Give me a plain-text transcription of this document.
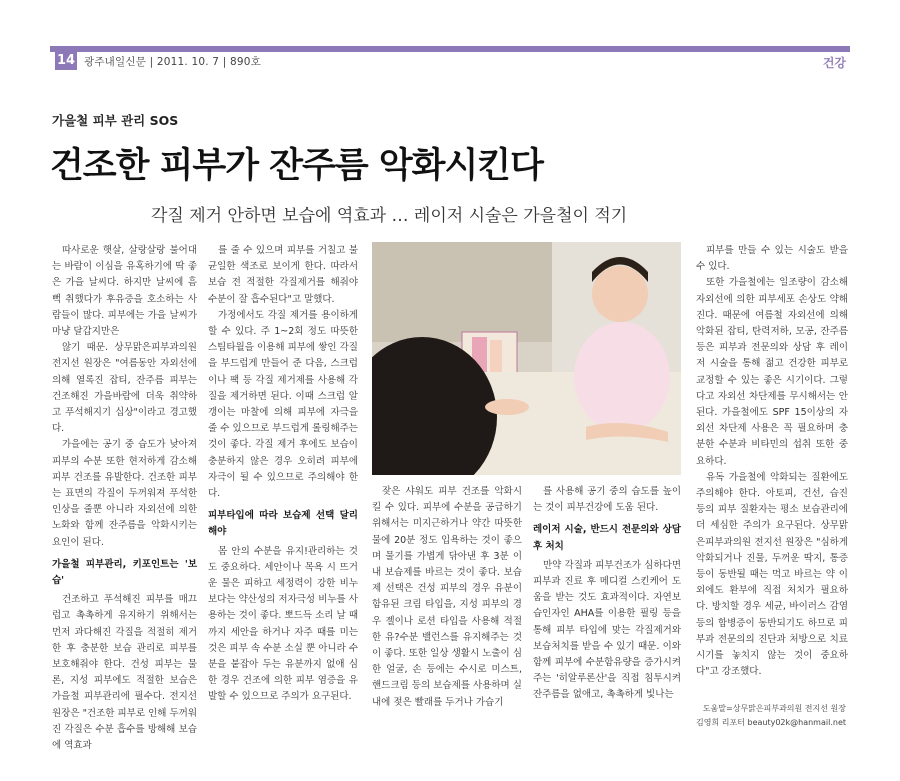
14 광주내일신문 | 2011. 10. 7 | 890호	건강
가을철 피부 관리 SOS
건조한 피부가 잔주름 악화시킨다
각질 제거 안하면 보습에 역효과 … 레이저 시술은 가을철이 적기

따사로운 햇살, 살랑살랑 불어대는 바람이 이심을 유혹하기에 딱 좋은 가을 날씨다. 하지만 날씨에 흠뻑 취했다가 후유증을 호소하는 사람들이 많다. 피부에는 가을 날씨가 마냥 달갑지만은

않기 때문. 상무맑은피부과의원 전지선 원장은 "여름동안 자외선에 의해 열록진 잡티, 잔주름 피부는 건조해진 가을바람에 더욱 취약하고 푸석해지기 십상"이라고 경고했다.

가을에는 공기 중 습도가 낮아져 피부의 수분 또한 현저하게 감소해 피부 건조를 유발한다. 건조한 피부는 표면의 각질이 두꺼워져 푸석한 인상을 줄뿐 아니라 자외선에 의한 노화와 함께 잔주름을 악화시키는 요인이 된다.

가을철 피부관리, 키포인트는 '보습'

건조하고 푸석해진 피부를 매끄럽고 촉촉하게 유지하기 위해서는 먼저 과다해진 각질을 적절히 제거한 후 충분한 보습 관리로 피부를 보호해줘야 한다. 건성 피부는 물론, 지성 피부에도 적절한 보습은 가을철 피부관리에 필수다. 전지선 원장은 "건조한 피부로 인해 두꺼워진 각질은 수분 흡수를 방해해 보습에 역효과

를 줄 수 있으며 피부를 거칠고 불균일한 색조로 보이게 한다. 따라서 보습 전 적절한 각질제거를 해줘야 수분이 잘 흡수된다"고 말했다.

가정에서도 각질 제거를 용이하게 할 수 있다. 주 1~2회 정도 따뜻한 스팀타월을 이용해 피부에 쌓인 각질을 부드럽게 만들어 준 다음, 스크럽이나 팩 등 각질 제거제를 사용해 각질을 제거하면 된다. 이때 스크럽 알갱이는 마찰에 의해 피부에 자극을 줄 수 있으므로 부드럽게 롤링해주는 것이 좋다. 각질 제거 후에도 보습이 충분하지 않은 경우 오히려 피부에 자극이 될 수 있으므로 주의해야 한다.

피부타입에 따라 보습제 선택 달리해야

몸 안의 수분을 유지!관리하는 것도 중요하다. 세안이나 목욕 시 뜨거운 물은 피하고 세정력이 강한 비누보다는 약산성의 저자극성 비누를 사용하는 것이 좋다. 뽀드득 소리 날 때까지 세안을 하거나 자주 때를 미는 것은 피부 속 수분 소실 뿐 아니라 수분을 붙잡아 두는 유분까지 없애 심한 경우 건조에 의한 피부 염증을 유발할 수 있으므로 주의가 요구된다.

잦은 샤워도 피부 건조를 악화시킬 수 있다. 피부에 수분을 공급하기 위해서는 미지근하거나 약간 따뜻한 물에 20분 정도 입욕하는 것이 좋으며 물기를 가볍게 닦아낸 후 3분 이내 보습제를 바르는 것이 좋다. 보습제 선택은 건성 피부의 경우 유분이 함유된 크림 타입을, 지성 피부의 경우 젤이나 로션 타입을 사용해 적절한 유?수분 밸런스를 유지해주는 것이 좋다. 또한 일상 생활시 노출이 심한 얼굴, 손 등에는 수시로 미스트, 핸드크림 등의 보습제를 사용하며 실내에 젖은 빨래를 두거나 가습기

를 사용해 공기 중의 습도를 높이는 것이 피부건강에 도움 된다.

레이저 시술, 반드시 전문의와 상담 후 처치

만약 각질과 피부건조가 심하다면 피부과 진료 후 메디컬 스킨케어 도움을 받는 것도 효과적이다. 자연보습인자인 AHA를 이용한 필링 등을 통해 피부 타입에 맞는 각질제거와 보습처치를 받을 수 있기 때문. 이와 함께 피부에 수분함유량을 증가시켜주는 '히알루론산'을 직접 침투시켜 잔주름을 없애고, 촉촉하게 빛나는

피부를 만들 수 있는 시술도 받을 수 있다.

또한 가을철에는 일조량이 감소해 자외선에 의한 피부세포 손상도 약해진다. 때문에 여름철 자외선에 의해 악화된 잡티, 탄력저하, 모공, 잔주름 등은 피부과 전문의와 상담 후 레이저 시술을 통해 젊고 건강한 피부로 교정할 수 있는 좋은 시기이다. 그렇다고 자외선 차단제를 무시해서는 안 된다. 가을철에도 SPF 15이상의 자외선 차단제 사용은 꼭 필요하며 충분한 수분과 비타민의 섭취 또한 중요하다.

유독 가을철에 악화되는 질환에도 주의해야 한다. 아토피, 건선, 습진 등의 피부 질환자는 평소 보습관리에 더 세심한 주의가 요구된다. 상무맑은피부과의원 전지선 원장은 "심하게 악화되거나 진물, 두꺼운 딱지, 통증 등이 동반될 때는 먹고 바르는 약 이외에도 환부에 직접 처치가 필요하다. 방치할 경우 세균, 바이러스 감염 등의 합병증이 동반되기도 하므로 피부과 전문의의 진단과 처방으로 치료시기를 놓치지 않는 것이 중요하다"고 강조했다.

도움말=상무맑은피부과의원 전지선 원장
김영희 리포터 beauty02k@hanmail.net
